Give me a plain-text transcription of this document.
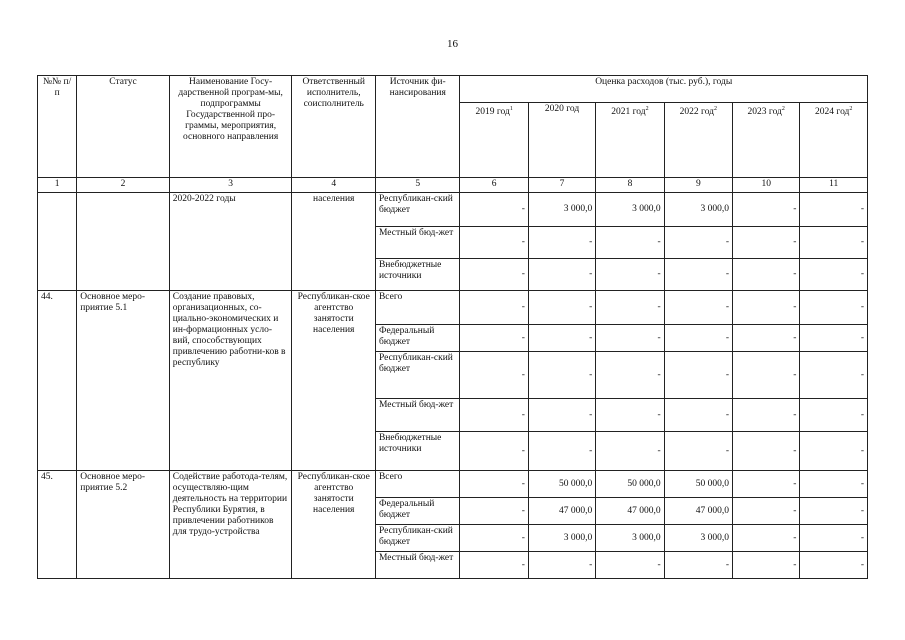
16
№№ п/п	Статус	Наименование Госу-дарственной програм-мы, подпрограммы Государственной про-граммы, мероприятия, основного направления	Ответственный исполнитель, соисполнитель	Источник фи-нансирования	Оценка расходов (тыс. руб.), годы					
					2019 год$^1$	2020 год	2021 год$^2$	2022 год$^2$	2023 год$^2$	2024 год$^2$
1	2	3	4	5	6	7	8	9	10	11
		2020-2022 годы	населения	Республикан-ский бюджет	-	3 000,0	3 000,0	3 000,0	-	-
				Местный бюд-жет	-	-	-	-	-	-
				Внебюджетные источники	-	-	-	-	-	-
44.	Основное меро-приятие 5.1	Создание правовых, организационных, со-циально-экономических и ин-формационных усло-вий, способствующих привлечению работни-ков в республику	Республикан-ское агентство занятости населения	Всего	-	-	-	-	-	-
				Федеральный бюджет	-	-	-	-	-	-
				Республикан-ский бюджет	-	-	-	-	-	-
				Местный бюд-жет	-	-	-	-	-	-
				Внебюджетные источники	-	-	-	-	-	-
45.	Основное меро-приятие 5.2	Содействие работода-телям, осуществляю-щим деятельность на территории Республики Бурятия, в привлечении работников для трудо-устройства	Республикан-ское агентство занятости населения	Всего	-	50 000,0	50 000,0	50 000,0	-	-
				Федеральный бюджет	-	47 000,0	47 000,0	47 000,0	-	-
				Республикан-ский бюджет	-	3 000,0	3 000,0	3 000,0	-	-
				Местный бюд-жет	-	-	-	-	-	-
